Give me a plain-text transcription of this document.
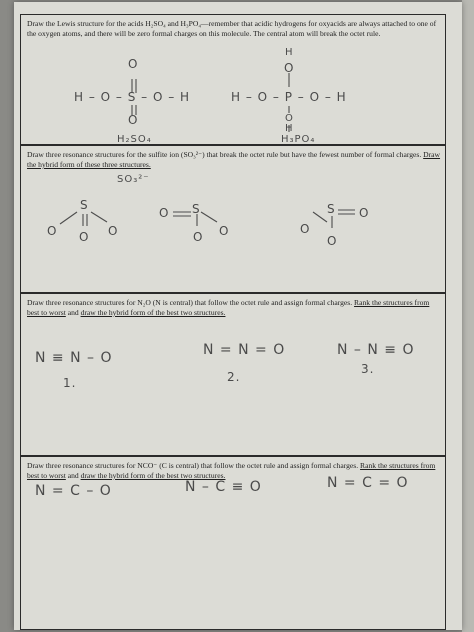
Draw the Lewis structure for the acids H₂SO₄ and H₃PO₄—remember that acidic hydrogens for oxyacids are always attached to one of the oxygen atoms, and there will be zero formal charges on this molecule. The central atom will break the octet rule.
O
H – O – S – O – H
O
H₂SO₄
H
O
H – O – P – O – H
O
H
H₃PO₄
Draw three resonance structures for the sulfite ion (SO₃²⁻) that break the octet rule but have the fewest number of formal charges. Draw the hybrid form of these three structures.
SO₃²⁻
S
O O O
S
O
O O
S
O
O
O
Draw three resonance structures for N₂O (N is central) that follow the octet rule and assign formal charges. Rank the structures from best to worst and draw the hybrid form of the best two structures.
N ≡ N – O	N = N = O	N – N ≡ O
1.	2.
3.
Draw three resonance structures for NCO⁻ (C is central) that follow the octet rule and assign formal charges. Rank the structures from best to worst and draw the hybrid form of the best two structures.
N = C – O	N – C ≡ O	N = C = O
